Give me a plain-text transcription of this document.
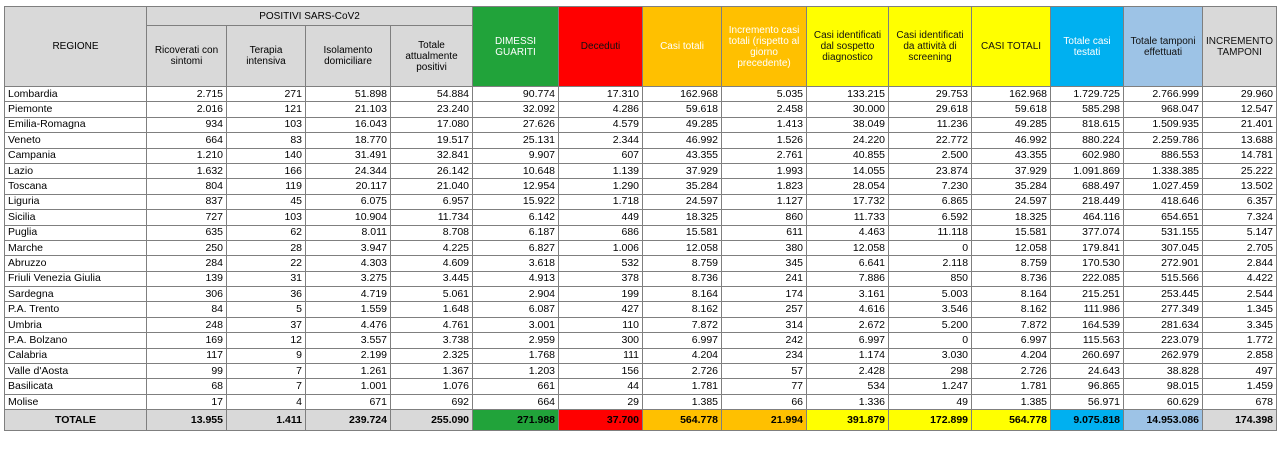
REGIONE	POSITIVI SARS-CoV2				DIMESSI GUARITI	Deceduti	Casi totali	Incremento casi totali (rispetto al giorno precedente)	Casi identificati dal sospetto diagnostico	Casi identificati da attività di screening	CASI TOTALI	Totale casi testati	Totale tamponi effettuati	INCREMENTO TAMPONI
	Ricoverati con sintomi	Terapia intensiva	Isolamento domiciliare	Totale attualmente positivi										
Lombardia	2.715	271	51.898	54.884	90.774	17.310	162.968	5.035	133.215	29.753	162.968	1.729.725	2.766.999	29.960
Piemonte	2.016	121	21.103	23.240	32.092	4.286	59.618	2.458	30.000	29.618	59.618	585.298	968.047	12.547
Emilia-Romagna	934	103	16.043	17.080	27.626	4.579	49.285	1.413	38.049	11.236	49.285	818.615	1.509.935	21.401
Veneto	664	83	18.770	19.517	25.131	2.344	46.992	1.526	24.220	22.772	46.992	880.224	2.259.786	13.688
Campania	1.210	140	31.491	32.841	9.907	607	43.355	2.761	40.855	2.500	43.355	602.980	886.553	14.781
Lazio	1.632	166	24.344	26.142	10.648	1.139	37.929	1.993	14.055	23.874	37.929	1.091.869	1.338.385	25.222
Toscana	804	119	20.117	21.040	12.954	1.290	35.284	1.823	28.054	7.230	35.284	688.497	1.027.459	13.502
Liguria	837	45	6.075	6.957	15.922	1.718	24.597	1.127	17.732	6.865	24.597	218.449	418.646	6.357
Sicilia	727	103	10.904	11.734	6.142	449	18.325	860	11.733	6.592	18.325	464.116	654.651	7.324
Puglia	635	62	8.011	8.708	6.187	686	15.581	611	4.463	11.118	15.581	377.074	531.155	5.147
Marche	250	28	3.947	4.225	6.827	1.006	12.058	380	12.058	0	12.058	179.841	307.045	2.705
Abruzzo	284	22	4.303	4.609	3.618	532	8.759	345	6.641	2.118	8.759	170.530	272.901	2.844
Friuli Venezia Giulia	139	31	3.275	3.445	4.913	378	8.736	241	7.886	850	8.736	222.085	515.566	4.422
Sardegna	306	36	4.719	5.061	2.904	199	8.164	174	3.161	5.003	8.164	215.251	253.445	2.544
P.A. Trento	84	5	1.559	1.648	6.087	427	8.162	257	4.616	3.546	8.162	111.986	277.349	1.345
Umbria	248	37	4.476	4.761	3.001	110	7.872	314	2.672	5.200	7.872	164.539	281.634	3.345
P.A. Bolzano	169	12	3.557	3.738	2.959	300	6.997	242	6.997	0	6.997	115.563	223.079	1.772
Calabria	117	9	2.199	2.325	1.768	111	4.204	234	1.174	3.030	4.204	260.697	262.979	2.858
Valle d'Aosta	99	7	1.261	1.367	1.203	156	2.726	57	2.428	298	2.726	24.643	38.828	497
Basilicata	68	7	1.001	1.076	661	44	1.781	77	534	1.247	1.781	96.865	98.015	1.459
Molise	17	4	671	692	664	29	1.385	66	1.336	49	1.385	56.971	60.629	678
TOTALE	13.955	1.411	239.724	255.090	271.988	37.700	564.778	21.994	391.879	172.899	564.778	9.075.818	14.953.086	174.398
